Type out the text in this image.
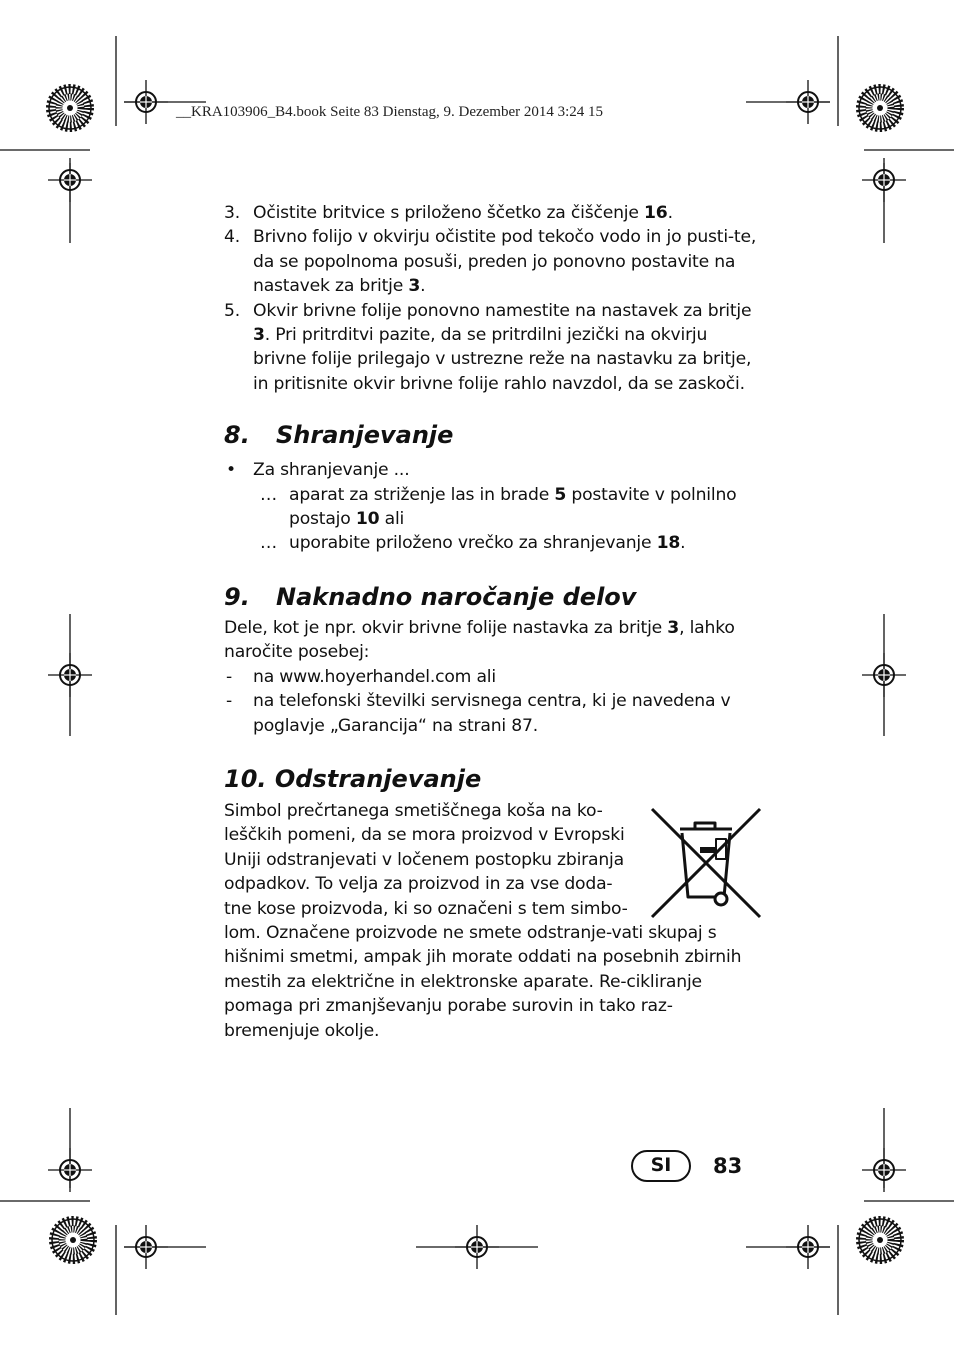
__KRA103906_B4.book Seite 83 Dienstag, 9. Dezember 2014 3:24 15
3. Očistite britvice s priloženo ščetko za čiščenje 16.
4. Brivno folijo v okvirju očistite pod tekočo vodo in jo pusti-te, da se popolnoma posuši, preden jo ponovno postavite na nastavek za britje 3.
5. Okvir brivne folije ponovno namestite na nastavek za britje 3. Pri pritrditvi pazite, da se pritrdilni jezički na okvirju brivne folije prilegajo v ustrezne reže na nastavku za britje, in pritisnite okvir brivne folije rahlo navzdol, da se zaskoči.
8. Shranjevanje
• Za shranjevanje ...
… aparat za striženje las in brade 5 postavite v polnilno postajo 10 ali
… uporabite priloženo vrečko za shranjevanje 18.
9. Naknadno naročanje delov

Dele, kot je npr. okvir brivne folije nastavka za britje 3, lahko naročite posebej:

- na www.hoyerhandel.com ali
- na telefonski številki servisnega centra, ki je navedena v poglavje „Garancija“ na strani 87.
10. Odstranjevanje

Simbol prečrtanega smetiščnega koša na ko-leščkih pomeni, da se mora proizvod v Evropski Uniji odstranjevati v ločenem postopku zbiranja odpadkov. To velja za proizvod in za vse doda-tne kose proizvoda, ki so označeni s tem simbo-lom. Označene proizvode ne smete odstranje-vati skupaj s hišnimi smetmi, ampak jih morate oddati na posebnih zbirnih mestih za električne in elektronske aparate. Re-cikliranje pomaga pri zmanjševanju porabe surovin in tako raz-bremenjuje okolje.

SI	83
